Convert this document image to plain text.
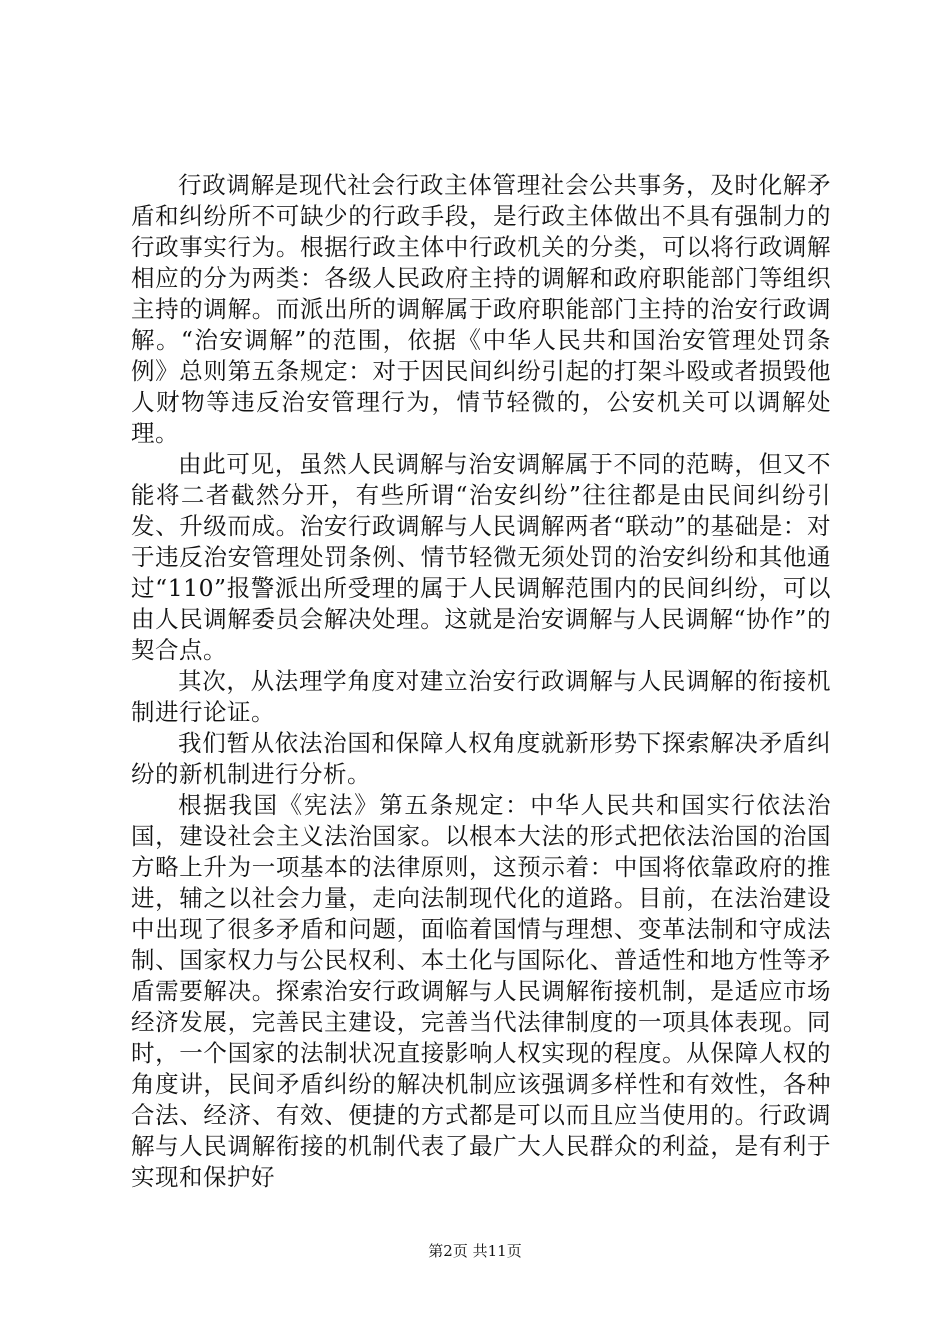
行政调解是现代社会行政主体管理社会公共事务，及时化解矛盾和纠纷所不可缺少的行政手段，是行政主体做出不具有强制力的行政事实行为。根据行政主体中行政机关的分类，可以将行政调解相应的分为两类：各级人民政府主持的调解和政府职能部门等组织主持的调解。而派出所的调解属于政府职能部门主持的治安行政调解。“治安调解”的范围，依据《中华人民共和国治安管理处罚条例》总则第五条规定：对于因民间纠纷引起的打架斗殴或者损毁他人财物等违反治安管理行为，情节轻微的，公安机关可以调解处理。

由此可见，虽然人民调解与治安调解属于不同的范畴，但又不能将二者截然分开，有些所谓“治安纠纷”往往都是由民间纠纷引发、升级而成。治安行政调解与人民调解两者“联动”的基础是：对于违反治安管理处罚条例、情节轻微无须处罚的治安纠纷和其他通过“110”报警派出所受理的属于人民调解范围内的民间纠纷，可以由人民调解委员会解决处理。这就是治安调解与人民调解“协作”的契合点。

其次，从法理学角度对建立治安行政调解与人民调解的衔接机制进行论证。

我们暂从依法治国和保障人权角度就新形势下探索解决矛盾纠纷的新机制进行分析。

根据我国《宪法》第五条规定：中华人民共和国实行依法治国，建设社会主义法治国家。以根本大法的形式把依法治国的治国方略上升为一项基本的法律原则，这预示着：中国将依靠政府的推进，辅之以社会力量，走向法制现代化的道路。目前，在法治建设中出现了很多矛盾和问题，面临着国情与理想、变革法制和守成法制、国家权力与公民权利、本土化与国际化、普适性和地方性等矛盾需要解决。探索治安行政调解与人民调解衔接机制，是适应市场经济发展，完善民主建设，完善当代法律制度的一项具体表现。同时，一个国家的法制状况直接影响人权实现的程度。从保障人权的角度讲，民间矛盾纠纷的解决机制应该强调多样性和有效性，各种合法、经济、有效、便捷的方式都是可以而且应当使用的。行政调解与人民调解衔接的机制代表了最广大人民群众的利益，是有利于实现和保护好

第2页 共11页
